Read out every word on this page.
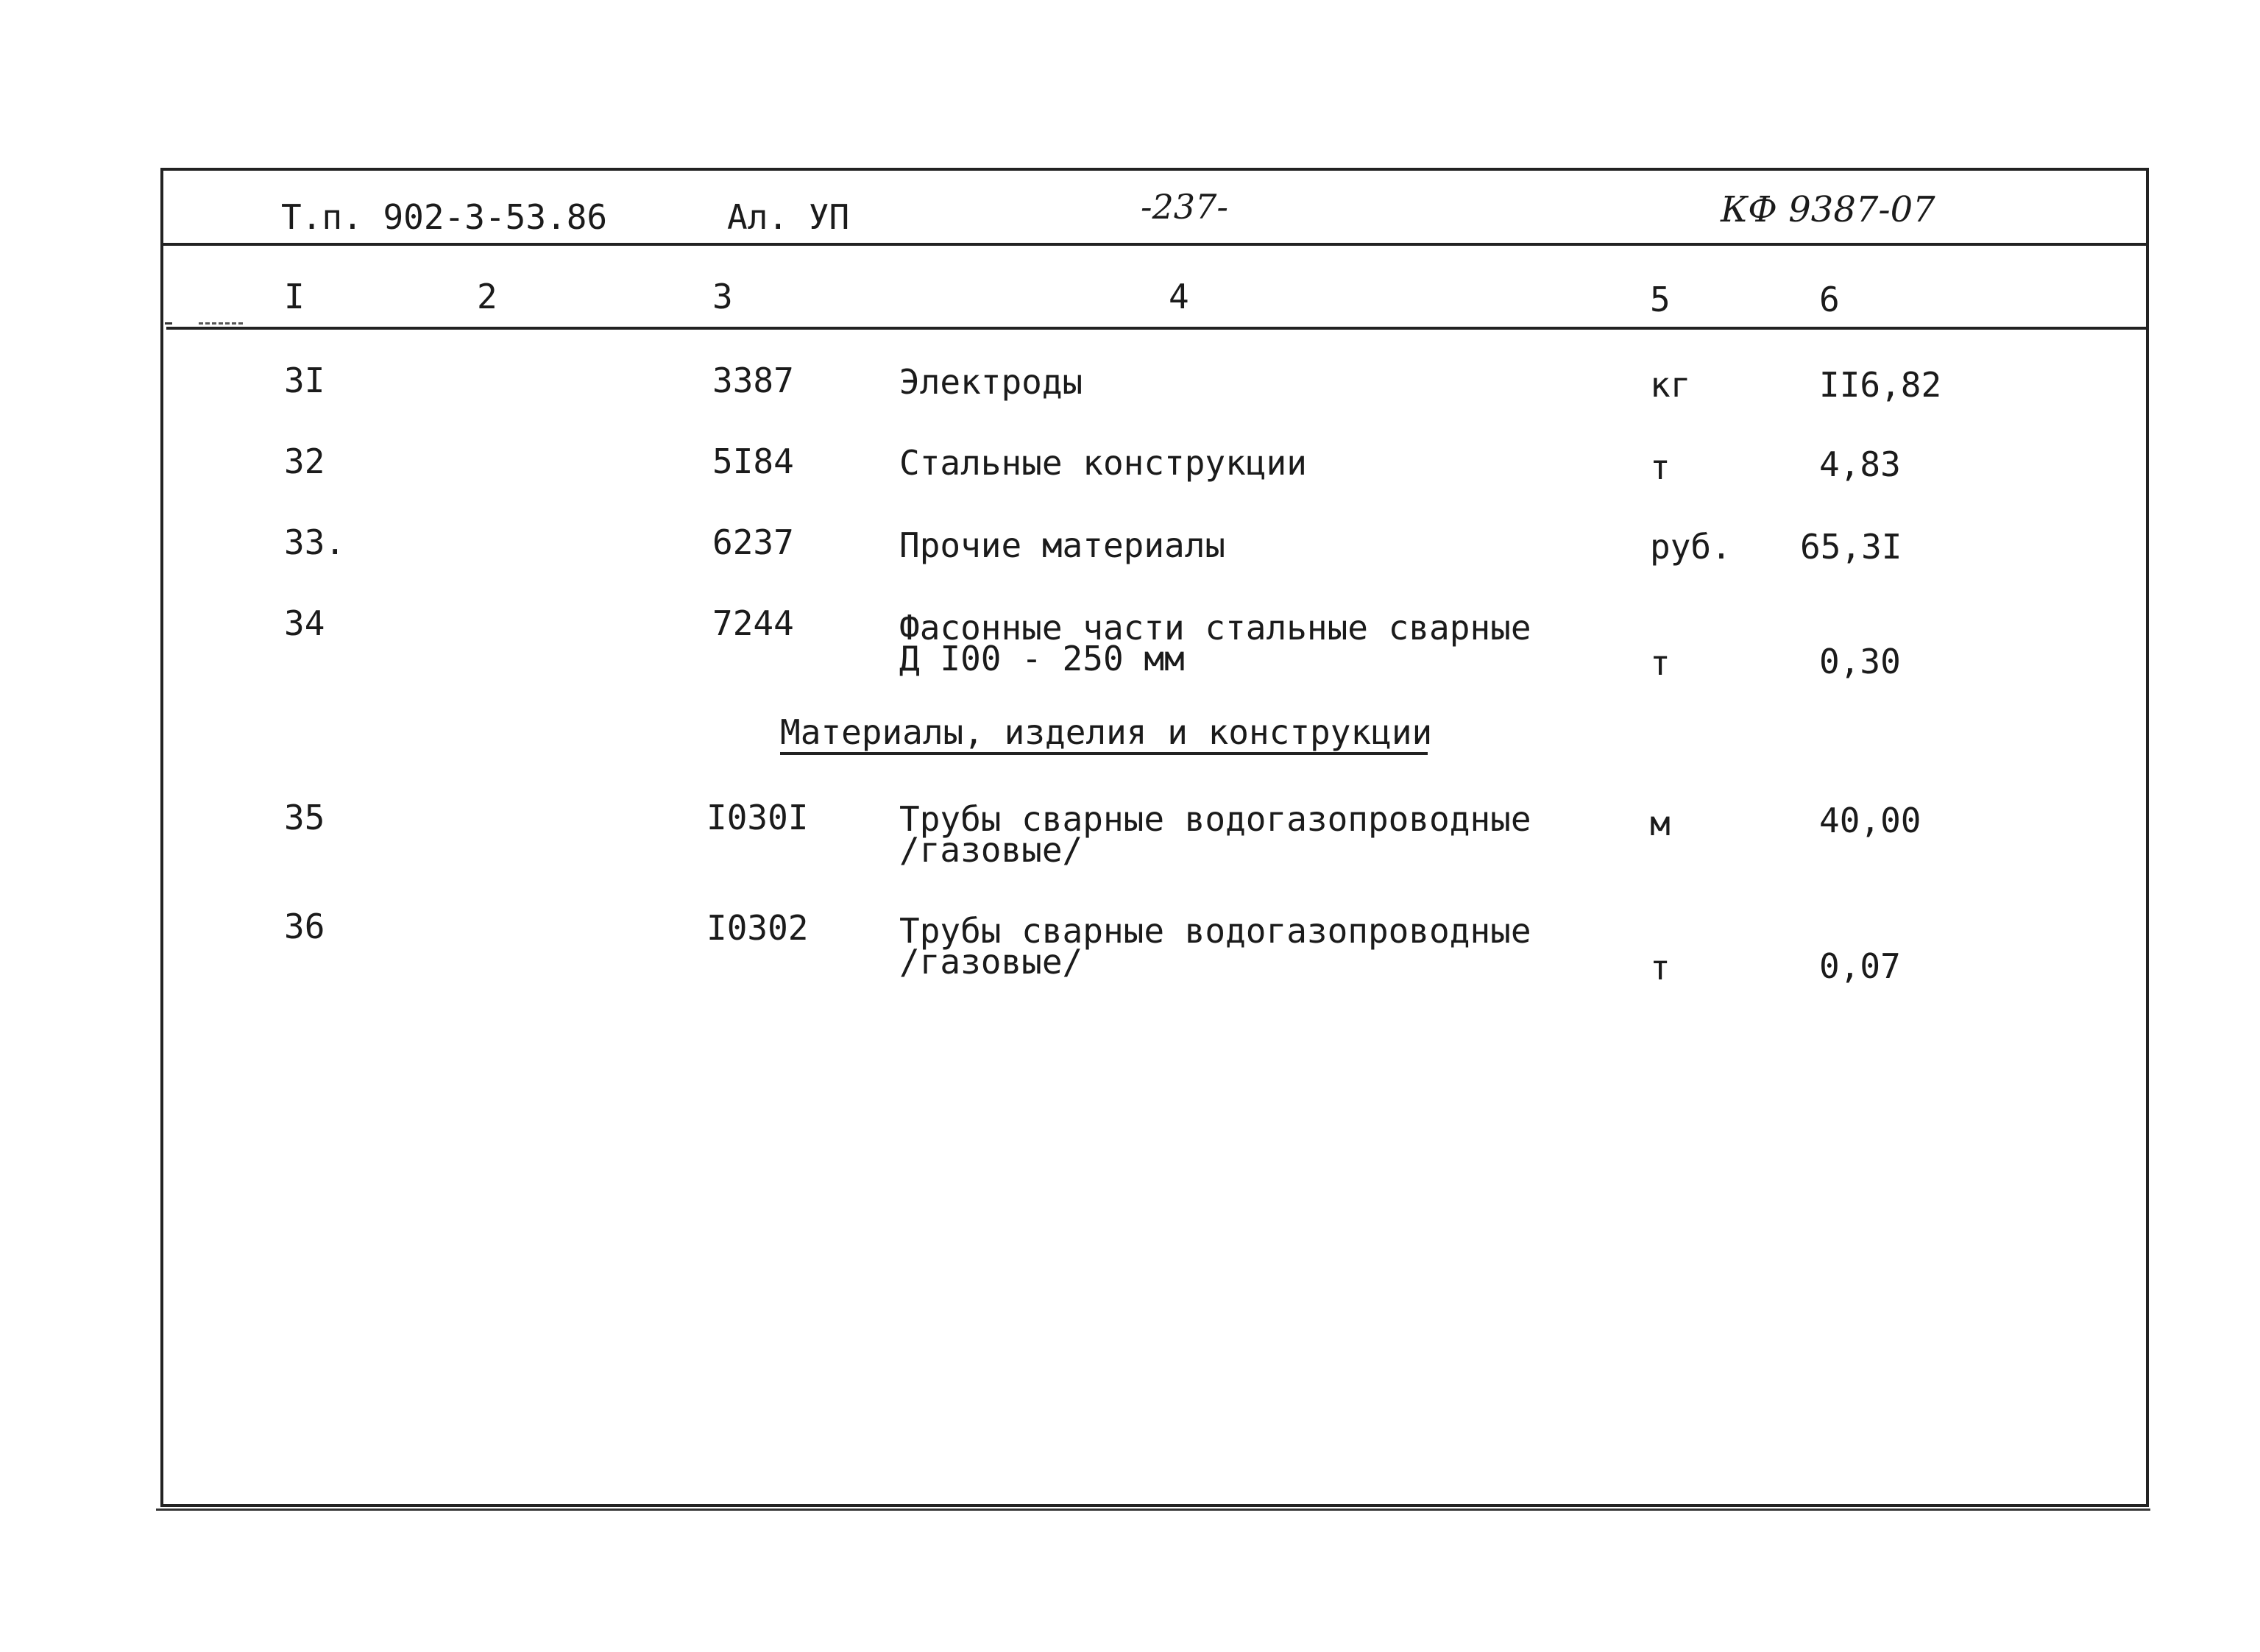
Т.п. 902-3-53.86	Ал. УП	-237-	КФ 9387-07
I	2	3	4	5	6
3I	3387	Электроды	кг	II6,82
32	5I84	Стальные конструкции	т	4,83
33.	6237	Прочие материалы	руб. 65,3I
34	7244	Фасонные части стальные сварные
Д I00 - 250 мм	т	0,30
Материалы, изделия и конструкции
35	I030I	Трубы сварные водогазопроводные
/газовые/
м	40,00
36	I0302	Трубы сварные водогазопроводные
/газовые/	т	0,07
